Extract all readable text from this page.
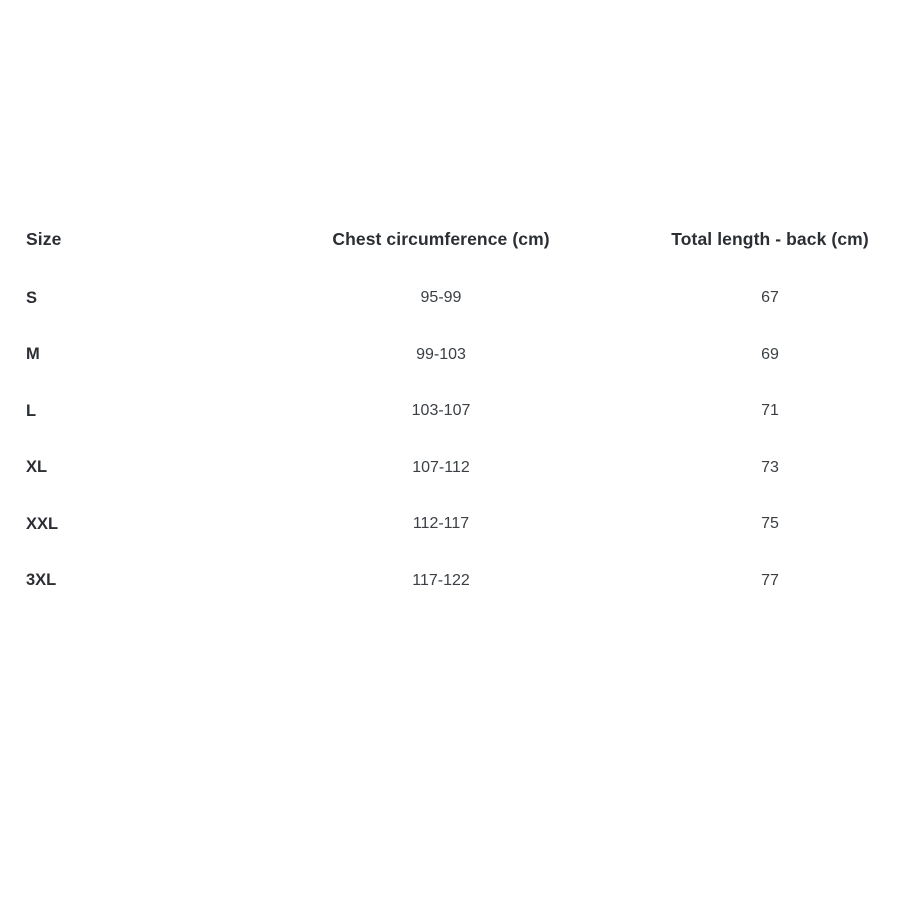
Size	Chest circumference (cm)	Total length - back (cm)
S	95-99	67
M	99-103	69
L	103-107	71
XL	107-112	73
XXL	112-117	75
3XL	117-122	77
